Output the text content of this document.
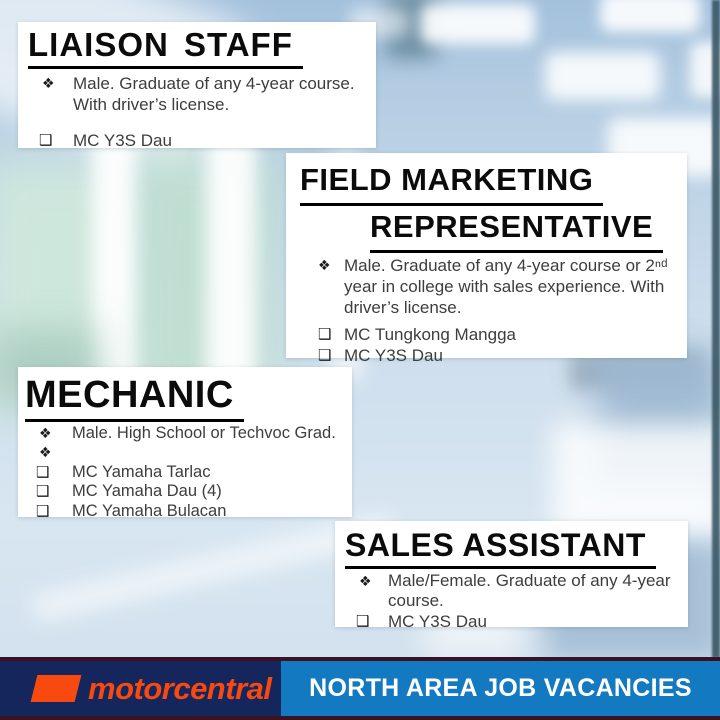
LIAISON STAFF
❖ Male. Graduate of any 4-year course. With driver’s license.
❑ MC Y3S Dau
FIELD MARKETING
REPRESENTATIVE
❖ Male. Graduate of any 4-year course or 2ⁿᵈ year in college with sales experience. With driver’s license.
❑ MC Tungkong Mangga
❑ MC Y3S Dau
MECHANIC
❖ Male. High School or Techvoc Grad.
❖
❑ MC Yamaha Tarlac
❑ MC Yamaha Dau (4)
❑ MC Yamaha Bulacan
SALES ASSISTANT
❖ Male/Female. Graduate of any 4-year course.
❑ MC Y3S Dau
motorcentral NORTH AREA JOB VACANCIES
